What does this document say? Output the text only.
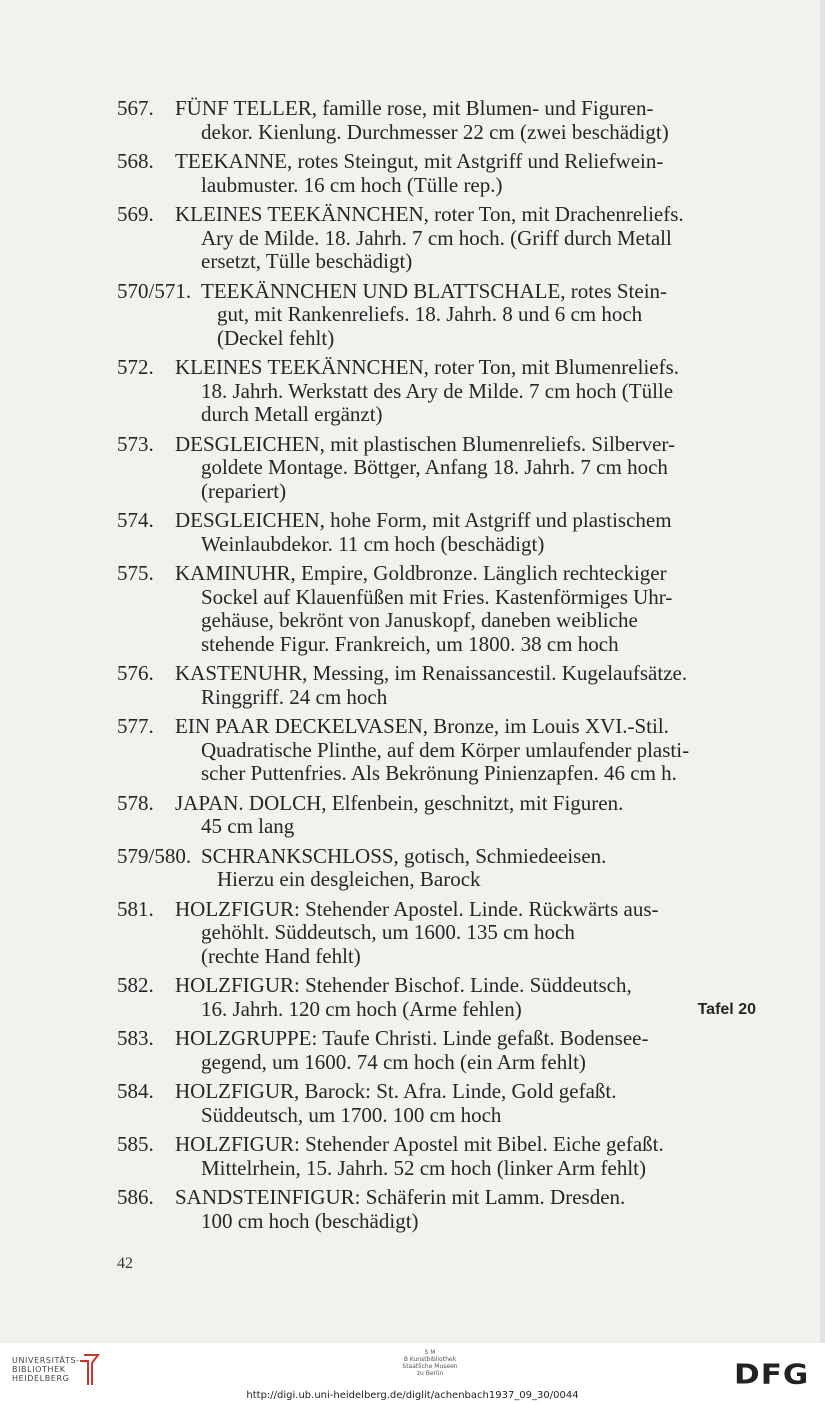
567.	FÜNF TELLER, famille rose, mit Blumen- und Figuren-
dekor. Kienlung. Durchmesser 22 cm (zwei beschädigt)
568.	TEEKANNE, rotes Steingut, mit Astgriff und Reliefwein-
laubmuster. 16 cm hoch (Tülle rep.)
569.	KLEINES TEEKÄNNCHEN, roter Ton, mit Drachenreliefs.
Ary de Milde. 18. Jahrh. 7 cm hoch. (Griff durch Metall
ersetzt, Tülle beschädigt)
570/571. TEEKÄNNCHEN UND BLATTSCHALE, rotes Stein-
gut, mit Rankenreliefs. 18. Jahrh. 8 und 6 cm hoch
(Deckel fehlt)
572.	KLEINES TEEKÄNNCHEN, roter Ton, mit Blumenreliefs.
18. Jahrh. Werkstatt des Ary de Milde. 7 cm hoch (Tülle
durch Metall ergänzt)
573.	DESGLEICHEN, mit plastischen Blumenreliefs. Silberver-
goldete Montage. Böttger, Anfang 18. Jahrh. 7 cm hoch
(repariert)
574.	DESGLEICHEN, hohe Form, mit Astgriff und plastischem
Weinlaubdekor. 11 cm hoch (beschädigt)
575.	KAMINUHR, Empire, Goldbronze. Länglich rechteckiger
Sockel auf Klauenfüßen mit Fries. Kastenförmiges Uhr-
gehäuse, bekrönt von Januskopf, daneben weibliche
stehende Figur. Frankreich, um 1800. 38 cm hoch
576.	KASTENUHR, Messing, im Renaissancestil. Kugelaufsätze.
Ringgriff. 24 cm hoch
577.	EIN PAAR DECKELVASEN, Bronze, im Louis XVI.-Stil.
Quadratische Plinthe, auf dem Körper umlaufender plasti-
scher Puttenfries. Als Bekrönung Pinienzapfen. 46 cm h.
578.	JAPAN. DOLCH, Elfenbein, geschnitzt, mit Figuren.
45 cm lang
579/580. SCHRANKSCHLOSS, gotisch, Schmiedeeisen.
Hierzu ein desgleichen, Barock
581.	HOLZFIGUR: Stehender Apostel. Linde. Rückwärts aus-
gehöhlt. Süddeutsch, um 1600. 135 cm hoch
(rechte Hand fehlt)
582.	HOLZFIGUR: Stehender Bischof. Linde. Süddeutsch,
Tafel 20
16. Jahrh. 120 cm hoch (Arme fehlen)
583.	HOLZGRUPPE: Taufe Christi. Linde gefaßt. Bodensee-
gegend, um 1600. 74 cm hoch (ein Arm fehlt)
584.	HOLZFIGUR, Barock: St. Afra. Linde, Gold gefaßt.
Süddeutsch, um 1700. 100 cm hoch
585.	HOLZFIGUR: Stehender Apostel mit Bibel. Eiche gefaßt.
Mittelrhein, 15. Jahrh. 52 cm hoch (linker Arm fehlt)
586.	SANDSTEINFIGUR: Schäferin mit Lamm. Dresden.
100 cm hoch (beschädigt)
42
UNIVERSITÄTS-
BIBLIOTHEK
HEIDELBERG
S M
B Kunstbibliothek
Staatliche Museen
zu Berlin	DFG
http://digi.ub.uni-heidelberg.de/diglit/achenbach1937_09_30/0044
